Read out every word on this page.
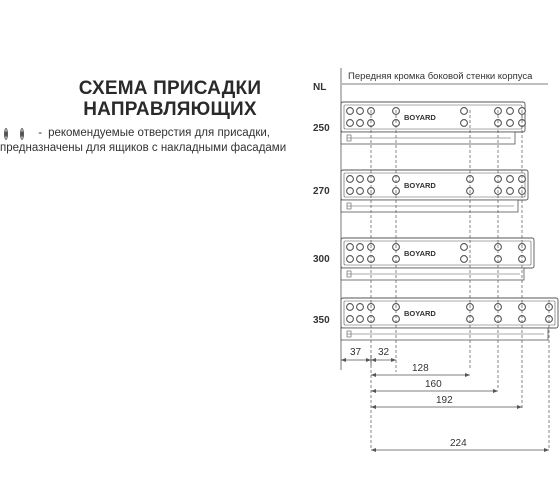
СХЕМА ПРИСАДКИ
НАПРАВЛЯЮЩИХ
- рекомендуемые отверстия для присадки,
предназначены для ящиков с накладными фасадами
NL
Передняя кромка боковой стенки корпуса
250
270
300
350
BOYARD
BOYARD
BOYARD
BOYARD
37 32
128
160
192
224
